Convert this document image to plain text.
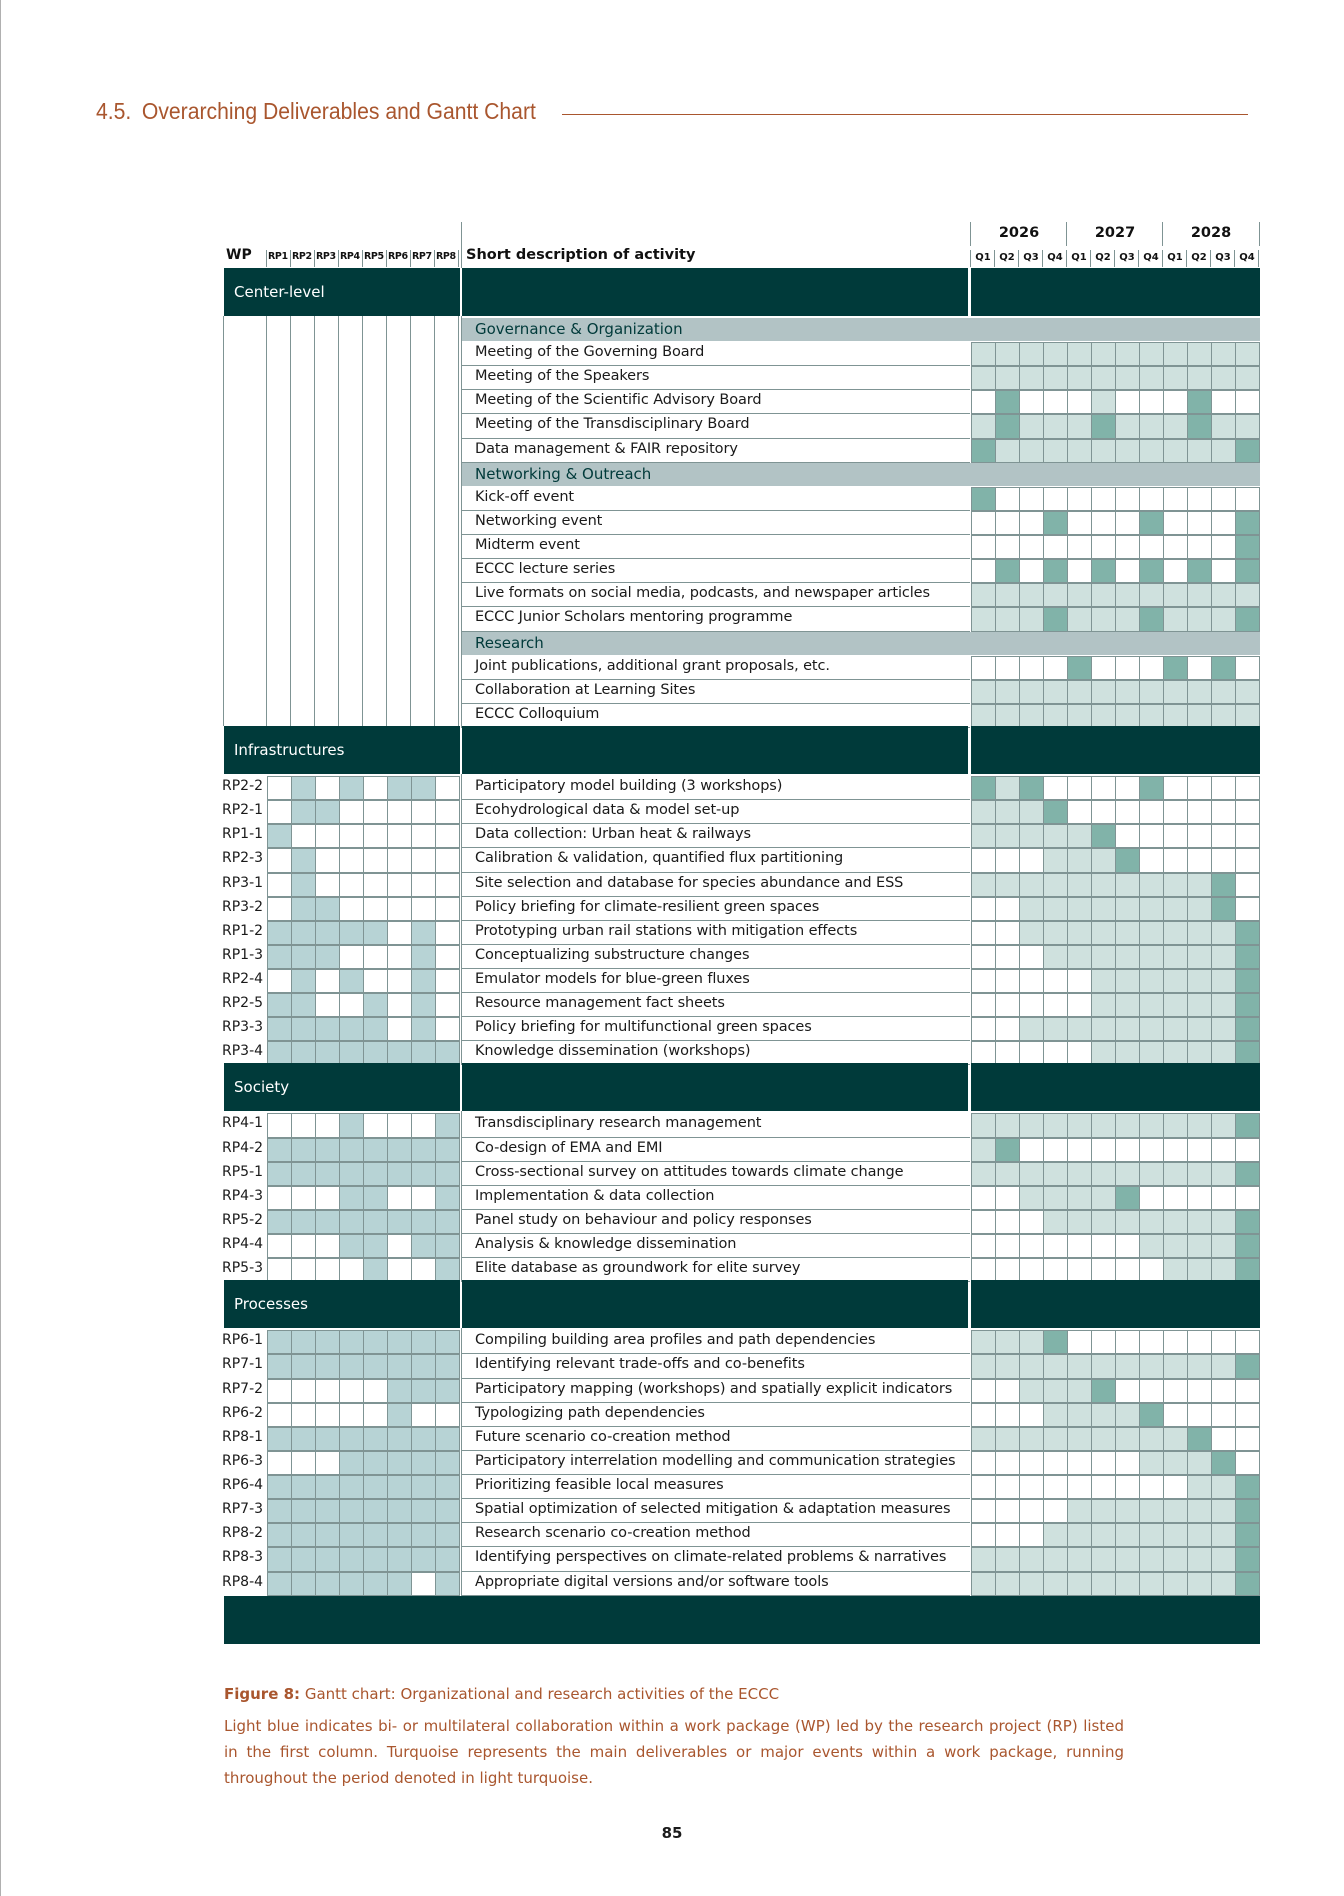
4.5. Overarching Deliverables and Gantt Chart
WP RP1 RP2 RP3 RP4 RP5 RP6 RP7 RP8 Short description of activity
2026	2027	2028
Q1 Q2 Q3 Q4 Q1 Q2 Q3 Q4 Q1 Q2 Q3 Q4
Center-level
Governance & Organization
Meeting of the Governing Board
Meeting of the Speakers
Meeting of the Scientific Advisory Board
Meeting of the Transdisciplinary Board
Data management & FAIR repository
Networking & Outreach
Kick-off event
Networking event
Midterm event
ECCC lecture series
Live formats on social media, podcasts, and newspaper articles
ECCC Junior Scholars mentoring programme
Research
Joint publications, additional grant proposals, etc.
Collaboration at Learning Sites
ECCC Colloquium
Infrastructures
Participatory model building (3 workshops)
RP2-2
Ecohydrological data & model set-up
RP2-1
Data collection: Urban heat & railways
RP1-1
Calibration & validation, quantified flux partitioning
RP2-3
Site selection and database for species abundance and ESS
RP3-1
Policy briefing for climate-resilient green spaces
RP3-2
Prototyping urban rail stations with mitigation effects
RP1-2
Conceptualizing substructure changes
RP1-3
Emulator models for blue-green fluxes
RP2-4
Resource management fact sheets
RP2-5
Policy briefing for multifunctional green spaces
RP3-3
Knowledge dissemination (workshops)
RP3-4
Society
Transdisciplinary research management
RP4-1
Co-design of EMA and EMI
RP4-2
Cross-sectional survey on attitudes towards climate change
RP5-1
Implementation & data collection
RP4-3
Panel study on behaviour and policy responses
RP5-2
Analysis & knowledge dissemination
RP4-4
Elite database as groundwork for elite survey
RP5-3
Processes
Compiling building area profiles and path dependencies
RP6-1
Identifying relevant trade-offs and co-benefits
RP7-1
Participatory mapping (workshops) and spatially explicit indicators
RP7-2
Typologizing path dependencies
RP6-2
Future scenario co-creation method
RP8-1
Participatory interrelation modelling and communication strategies
RP6-3
Prioritizing feasible local measures
RP6-4
Spatial optimization of selected mitigation & adaptation measures
RP7-3
Research scenario co-creation method
RP8-2
Identifying perspectives on climate-related problems & narratives
RP8-3
Appropriate digital versions and/or software tools
RP8-4
Figure 8: Gantt chart: Organizational and research activities of the ECCC
Light blue indicates bi- or multilateral collaboration within a work package (WP) led by the research project (RP) listed in the first column. Turquoise represents the main deliverables or major events within a work package, running throughout the period denoted in light turquoise.
85
